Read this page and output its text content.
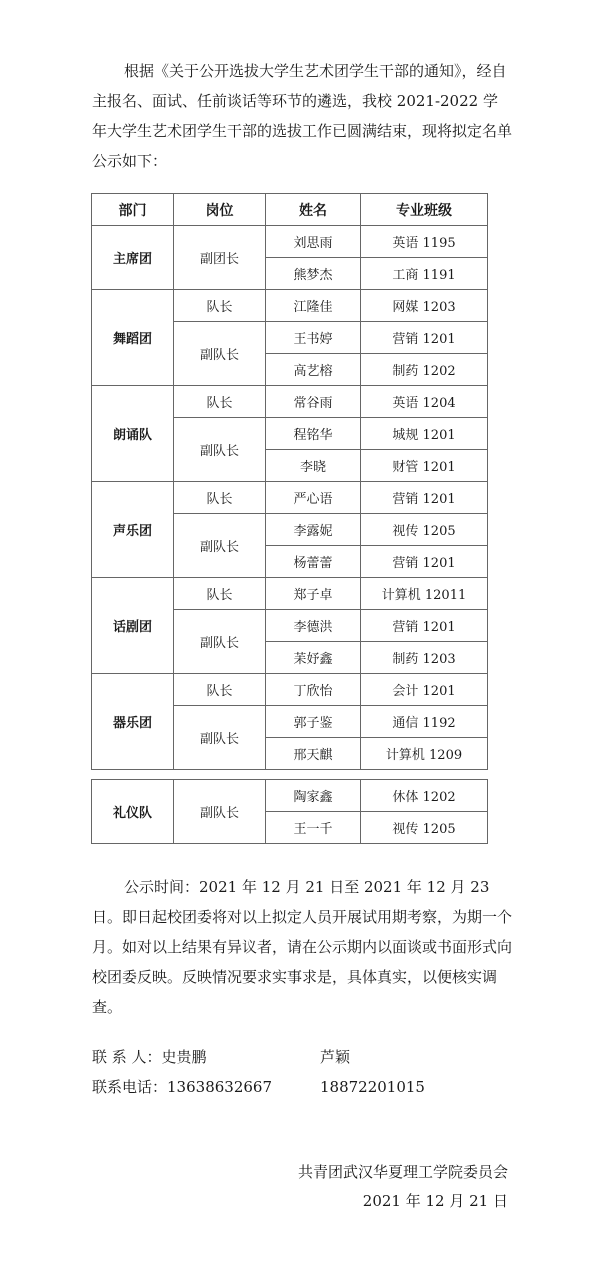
根据《关于公开选拔大学生艺术团学生干部的通知》，经自主报名、面试、任前谈话等环节的遴选，我校 2021-2022 学年大学生艺术团学生干部的选拔工作已圆满结束，现将拟定名单公示如下：

部门	岗位	姓名	专业班级
主席团	副团长	刘思雨	英语 1195
		熊梦杰	工商 1191
舞蹈团	队长	江隆佳	网媒 1203
	副队长	王书婷	营销 1201
		高艺榕	制药 1202
朗诵队	队长	常谷雨	英语 1204
	副队长	程铭华	城规 1201
		李晓	财管 1201
声乐团	队长	严心语	营销 1201
	副队长	李露妮	视传 1205
		杨蕾蕾	营销 1201
话剧团	队长	郑子卓	计算机 12011
	副队长	李德洪	营销 1201
		苿妤鑫	制药 1203
器乐团	队长	丁欣怡	会计 1201
	副队长	郭子鉴	通信 1192
		邢天麒	计算机 1209
礼仪队	副队长	陶家鑫	休体 1202
		王一千	视传 1205

公示时间：2021 年 12 月 21 日至 2021 年 12 月 23 日。即日起校团委将对以上拟定人员开展试用期考察，为期一个月。如对以上结果有异议者，请在公示期内以面谈或书面形式向校团委反映。反映情况要求实事求是，具体真实，以便核实调查。

联 系 人：史贵鹏	芦颖
联系电话：13638632667	18872201015
共青团武汉华夏理工学院委员会
2021 年 12 月 21 日
